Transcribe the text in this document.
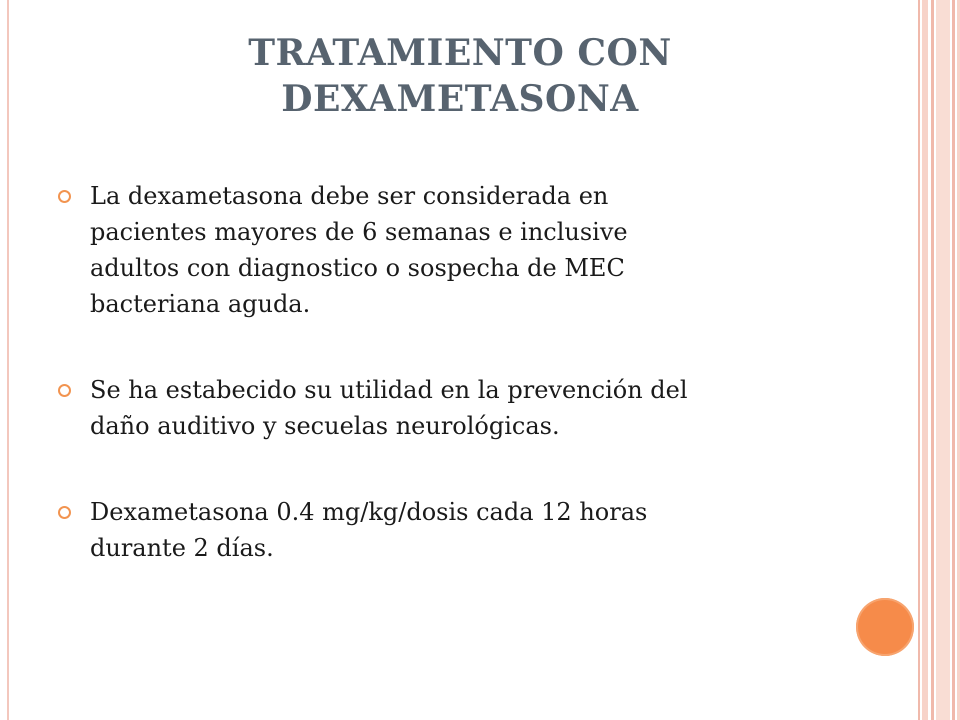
TRATAMIENTO CON
DEXAMETASONA
La dexametasona debe ser considerada en
pacientes mayores de 6 semanas e inclusive
adultos con diagnostico o sospecha de MEC
bacteriana aguda.
Se ha estabecido su utilidad en la prevención del
daño auditivo y secuelas neurológicas.
Dexametasona 0.4 mg/kg/dosis cada 12 horas
durante 2 días.
